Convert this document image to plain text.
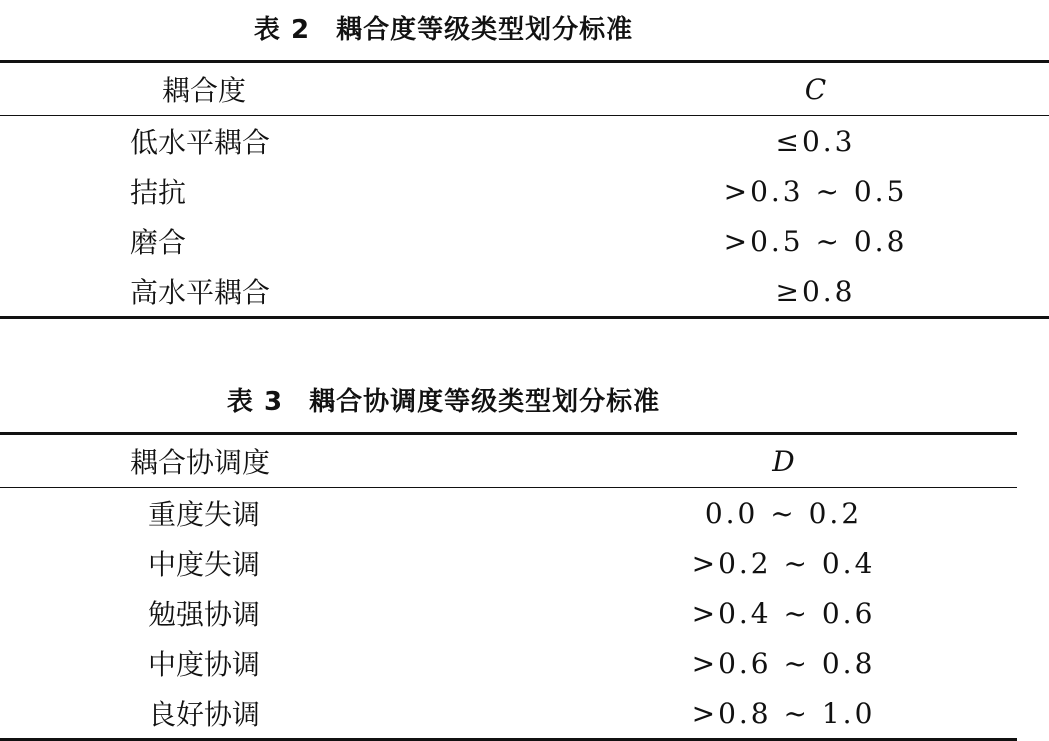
表 2 耦合度等级类型划分标准
耦合度	C
低水平耦合	≤0.3
拮抗	>0.3 ~ 0.5
磨合	>0.5 ~ 0.8
高水平耦合	≥0.8
表 3 耦合协调度等级类型划分标准
耦合协调度	D
重度失调	0.0 ~ 0.2
中度失调	>0.2 ~ 0.4
勉强协调	>0.4 ~ 0.6
中度协调	>0.6 ~ 0.8
良好协调	>0.8 ~ 1.0
